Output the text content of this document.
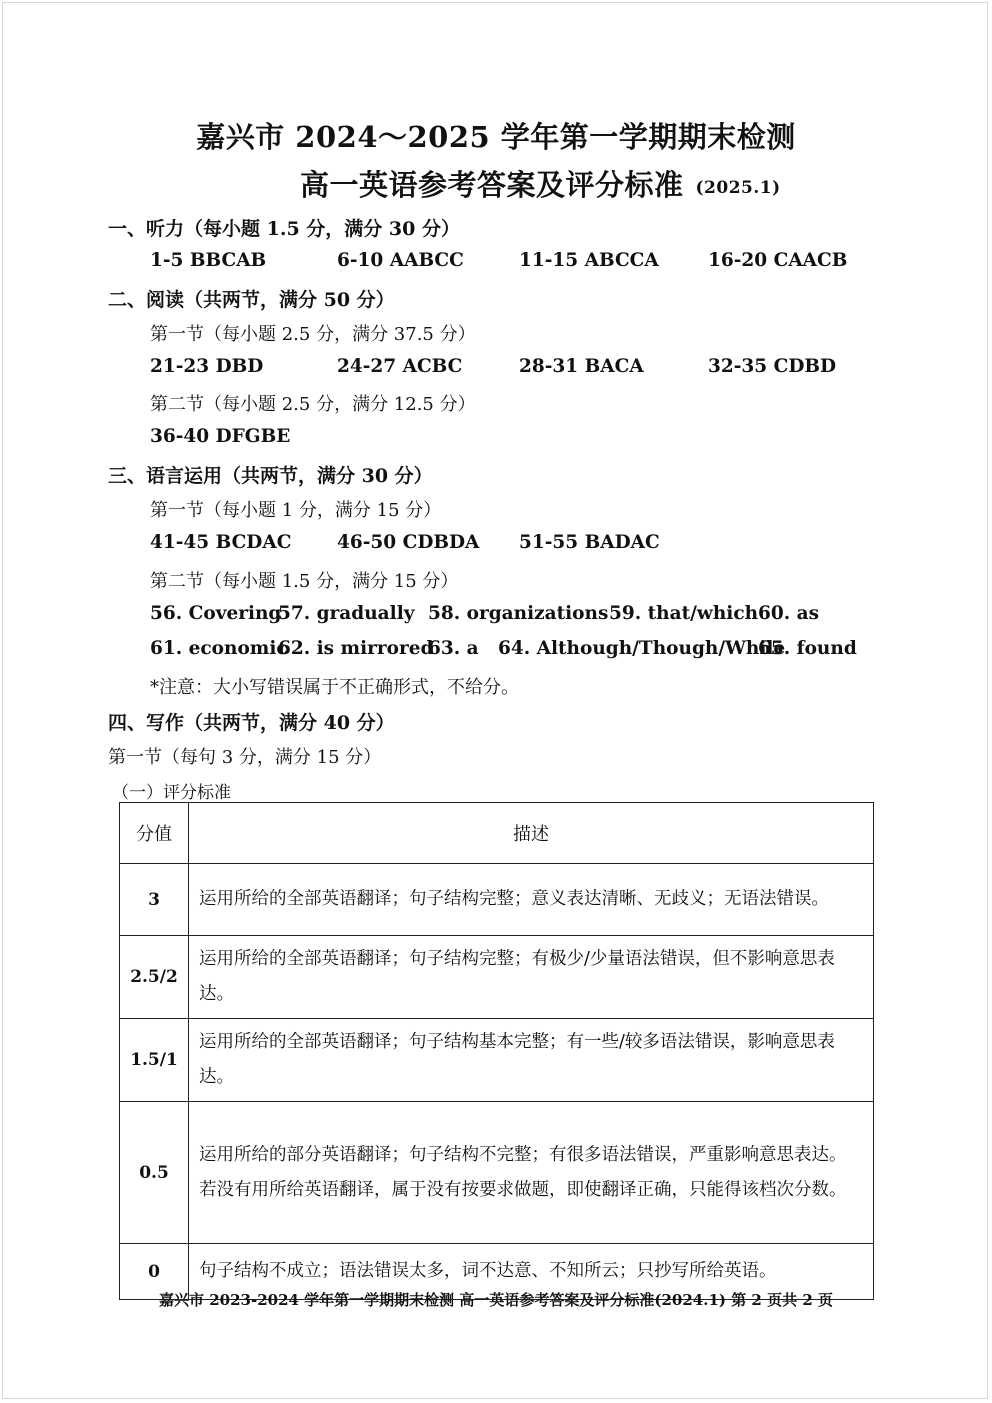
嘉兴市 2024～2025 学年第一学期期末检测
高一英语参考答案及评分标准 (2025.1)
一、听力（每小题 1.5 分，满分 30 分）
1-5 BBCAB	6-10 AABCC	11-15 ABCCA	16-20 CAACB
二、阅读（共两节，满分 50 分）
第一节（每小题 2.5 分，满分 37.5 分）
21-23 DBD	24-27 ACBC	28-31 BACA	32-35 CDBD
第二节（每小题 2.5 分，满分 12.5 分）
36-40 DFGBE
三、语言运用（共两节，满分 30 分）
第一节（每小题 1 分，满分 15 分）
41-45 BCDAC 46-50 CDBDA 51-55 BADAC
第二节（每小题 1.5 分，满分 15 分）
56. Covering
57. gradually 58. organizations 59. that/which 60. as
61. economic
62. is mirrored
63. a 64. Although/Though/While
65. found
*注意：大小写错误属于不正确形式，不给分。
四、写作（共两节，满分 40 分）
第一节（每句 3 分，满分 15 分）
（一）评分标准
分值	描述
3	运用所给的全部英语翻译；句子结构完整；意义表达清晰、无歧义；无语法错误。

2.5/2	运用所给的全部英语翻译；句子结构完整；有极少/少量语法错误，但不影响意思表达。

1.5/1	运用所给的全部英语翻译；句子结构基本完整；有一些/较多语法错误，影响意思表达。

0.5	运用所给的部分英语翻译；句子结构不完整；有很多语法错误，严重影响意思表达。

若没有用所给英语翻译，属于没有按要求做题，即使翻译正确，只能得该档次分数。

0	句子结构不成立；语法错误太多，词不达意、不知所云；只抄写所给英语。

嘉兴市 2023-2024 学年第一学期期末检测 高一英语参考答案及评分标准(2024.1) 第 2 页共 2 页
